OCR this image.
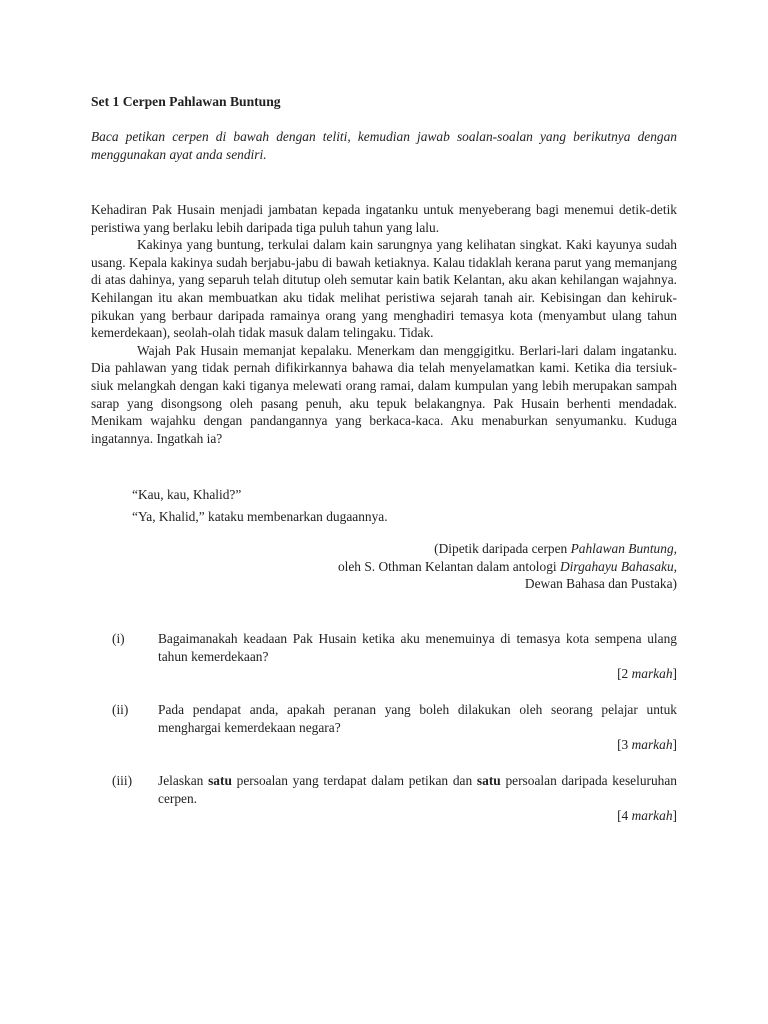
Set 1 Cerpen Pahlawan Buntung
Baca petikan cerpen di bawah dengan teliti, kemudian jawab soalan-soalan yang berikutnya dengan menggunakan ayat anda sendiri.

Kehadiran Pak Husain menjadi jambatan kepada ingatanku untuk menyeberang bagi menemui detik-detik peristiwa yang berlaku lebih daripada tiga puluh tahun yang lalu.

Kakinya yang buntung, terkulai dalam kain sarungnya yang kelihatan singkat. Kaki kayunya sudah usang. Kepala kakinya sudah berjabu-jabu di bawah ketiaknya. Kalau tidaklah kerana parut yang memanjang di atas dahinya, yang separuh telah ditutup oleh semutar kain batik Kelantan, aku akan kehilangan wajahnya. Kehilangan itu akan membuatkan aku tidak melihat peristiwa sejarah tanah air. Kebisingan dan kehiruk-pikukan yang berbaur daripada ramainya orang yang menghadiri temasya kota (menyambut ulang tahun kemerdekaan), seolah-olah tidak masuk dalam telingaku. Tidak.

Wajah Pak Husain memanjat kepalaku. Menerkam dan menggigitku. Berlari-lari dalam ingatanku. Dia pahlawan yang tidak pernah difikirkannya bahawa dia telah menyelamatkan kami. Ketika dia tersiuk-siuk melangkah dengan kaki tiganya melewati orang ramai, dalam kumpulan yang lebih merupakan sampah sarap yang disongsong oleh pasang penuh, aku tepuk belakangnya. Pak Husain berhenti mendadak. Menikam wajahku dengan pandangannya yang berkaca-kaca. Aku menaburkan senyumanku. Kuduga ingatannya. Ingatkah ia?

“Kau, kau, Khalid?”
“Ya, Khalid,” kataku membenarkan dugaannya.
(Dipetik daripada cerpen Pahlawan Buntung,
oleh S. Othman Kelantan dalam antologi Dirgahayu Bahasaku,
Dewan Bahasa dan Pustaka)
(i) Bagaimanakah keadaan Pak Husain ketika aku menemuinya di temasya kota sempena ulang tahun kemerdekaan?
[2 markah]
(ii) Pada pendapat anda, apakah peranan yang boleh dilakukan oleh seorang pelajar untuk menghargai kemerdekaan negara?
[3 markah]
(iii) Jelaskan satu persoalan yang terdapat dalam petikan dan satu persoalan daripada keseluruhan cerpen.
[4 markah]
